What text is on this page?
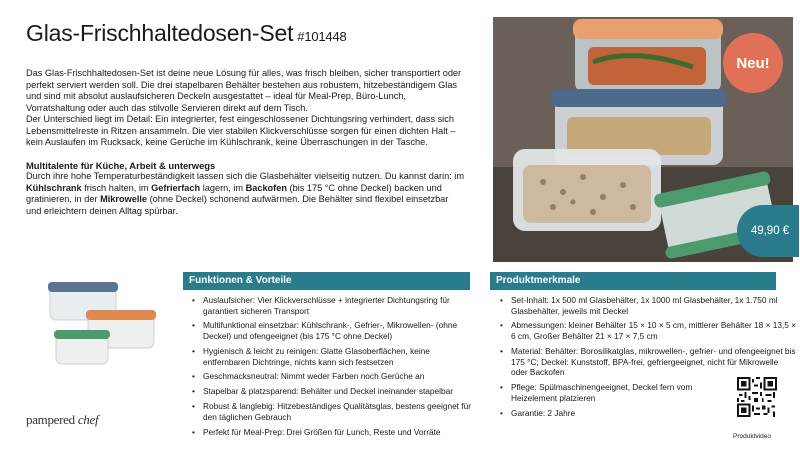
Glas-Frischhaltedosen-Set #101448

Das Glas-Frischhaltedosen-Set ist deine neue Lösung für alles, was frisch bleiben, sicher transportiert oder perfekt serviert werden soll. Die drei stapelbaren Behälter bestehen aus robustem, hitzebeständigem Glas und sind mit absolut auslaufsicheren Deckeln ausgestattet – ideal für Meal-Prep, Büro-Lunch, Vorratshaltung oder auch das stilvolle Servieren direkt auf dem Tisch.

Der Unterschied liegt im Detail: Ein integrierter, fest eingeschlossener Dichtungsring verhindert, dass sich Lebensmittelreste in Ritzen ansammeln. Die vier stabilen Klickverschlüsse sorgen für einen dichten Halt – kein Auslaufen im Rucksack, keine Gerüche im Kühlschrank, keine Überraschungen in der Tasche.

Multitalente für Küche, Arbeit & unterwegs

Durch ihre hohe Temperaturbeständigkeit lassen sich die Glasbehälter vielseitig nutzen. Du kannst darin: im Kühlschrank frisch halten, im Gefrierfach lagern, im Backofen (bis 175 °C ohne Deckel) backen und gratinieren, in der Mikrowelle (ohne Deckel) schonend aufwärmen. Die Behälter sind flexibel einsetzbar und erleichtern deinen Alltag spürbar.

Neu!
49,90 €
pampered chef
Funktionen & Vorteile
• Auslaufsicher: Vier Klickverschlüsse + integrierter Dichtungsring für garantiert sicheren Transport
• Multifunktional einsetzbar: Kühlschrank-, Gefrier-, Mikrowellen- (ohne Deckel) und ofengeeignet (bis 175 °C ohne Deckel)
• Hygienisch & leicht zu reinigen: Glatte Glasoberflächen, keine entfernbaren Dichtringe, nichts kann sich festsetzen
• Geschmacksneutral: Nimmt weder Farben noch Gerüche an
• Stapelbar & platzsparend: Behälter und Deckel ineinander stapelbar
• Robust & langlebig: Hitzebeständiges Qualitätsglas, bestens geeignet für den täglichen Gebrauch
• Perfekt für Meal-Prep: Drei Größen für Lunch, Reste und Vorräte
Produktmerkmale
• Set-Inhalt: 1x 500 ml Glasbehälter, 1x 1000 ml Glasbehälter, 1x 1.750 ml Glasbehälter, jeweils mit Deckel
• Abmessungen: kleiner Behälter 15 × 10 × 5 cm, mittlerer Behälter 18 × 13,5 × 6 cm, Großer Behälter 21 × 17 × 7,5 cm
• Material: Behälter: Borosilikatglas, mikrowellen-, gefrier- und ofengeeignet bis 175 °C; Deckel: Kunststoff, BPA-frei, gefriergeeignet, nicht für Mikrowelle oder Backofen
• Pflege: Spülmaschinengeeignet, Deckel fern vom Heizelement platzieren
• Garantie: 2 Jahre
Produktvideo
